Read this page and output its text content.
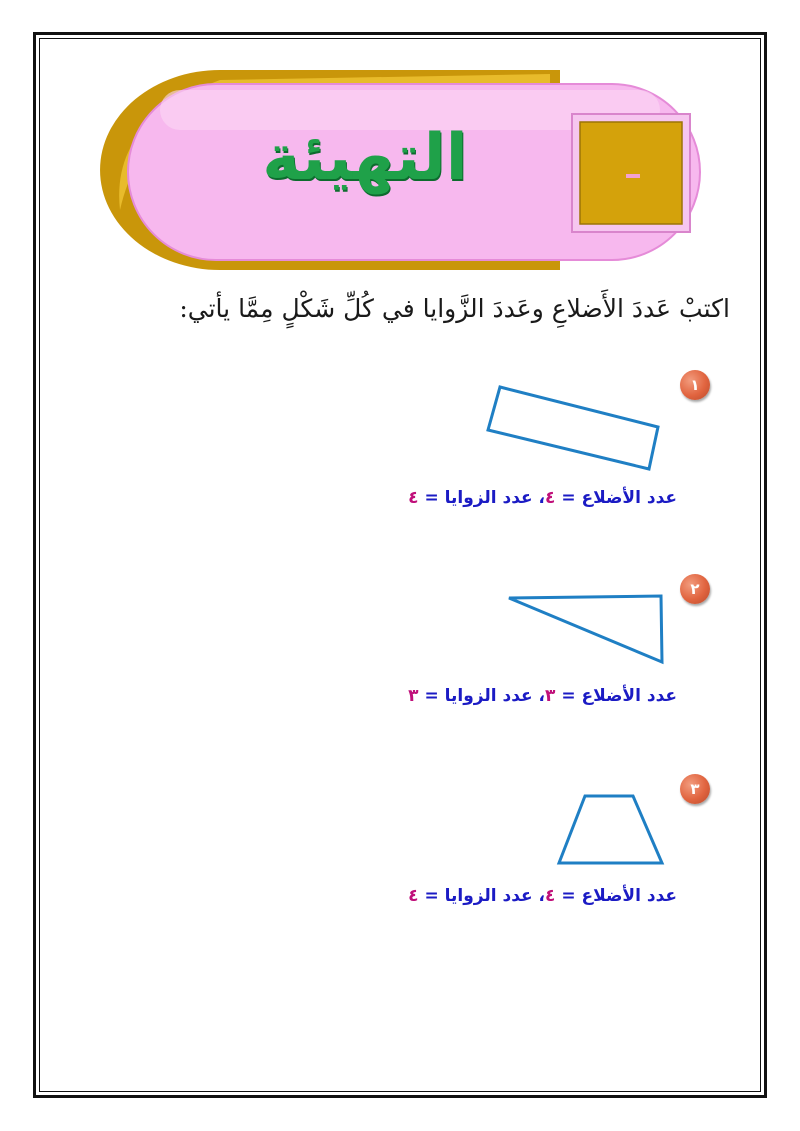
التهيئة
اكتبْ عَددَ الأَضلاعِ وعَددَ الزَّوايا في كُلِّ شَكْلٍ مِمَّا يأتي:
١
عدد الأضلاع = ٤، عدد الزوايا = ٤
٢
عدد الأضلاع = ٣، عدد الزوايا = ٣
٣
عدد الأضلاع = ٤، عدد الزوايا = ٤
